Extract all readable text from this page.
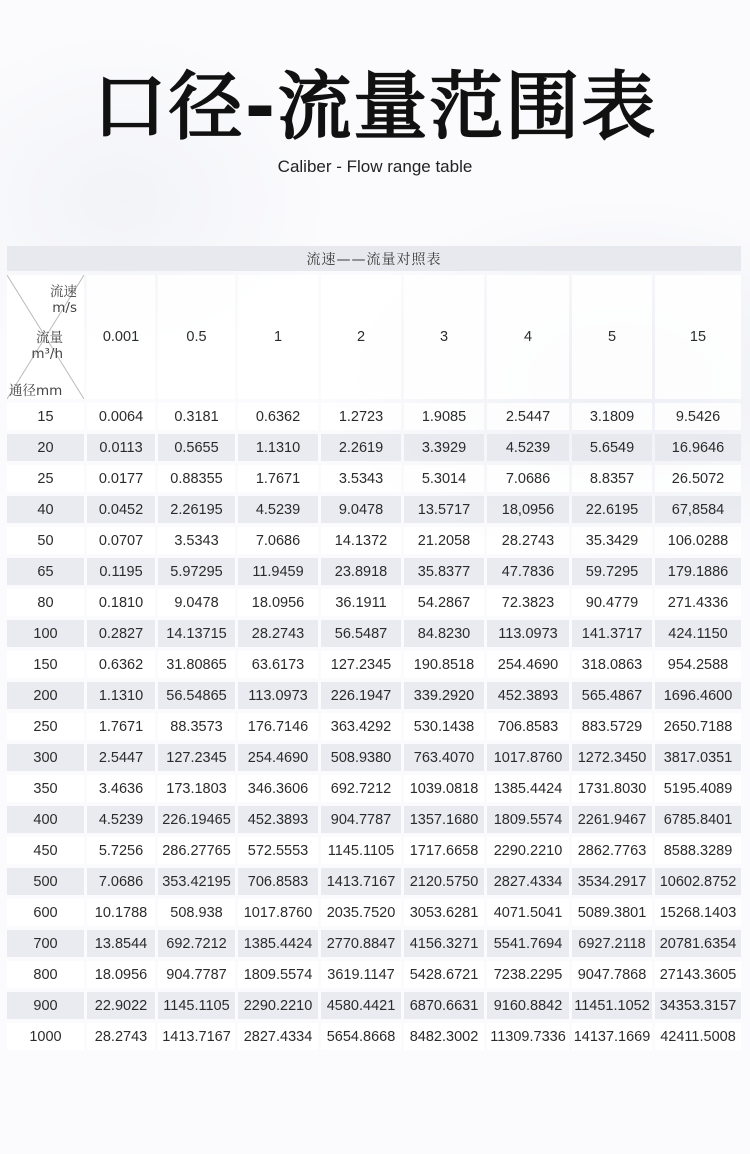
口径-流量范围表
Caliber - Flow range table
流速——流量对照表								

流速
m/s
流量
m³/h
通径mm	0.001	0.5	1	2	3	4	5	15
15	0.0064	0.3181	0.6362	1.2723	1.9085	2.5447	3.1809	9.5426
20	0.0113	0.5655	1.1310	2.2619	3.3929	4.5239	5.6549	16.9646
25	0.0177	0.88355	1.7671	3.5343	5.3014	7.0686	8.8357	26.5072
40	0.0452	2.26195	4.5239	9.0478	13.5717	18,0956	22.6195	67,8584
50	0.0707	3.5343	7.0686	14.1372	21.2058	28.2743	35.3429	106.0288
65	0.1195	5.97295	11.9459	23.8918	35.8377	47.7836	59.7295	179.1886
80	0.1810	9.0478	18.0956	36.1911	54.2867	72.3823	90.4779	271.4336
100	0.2827	14.13715	28.2743	56.5487	84.8230	113.0973	141.3717	424.1150
150	0.6362	31.80865	63.6173	127.2345	190.8518	254.4690	318.0863	954.2588
200	1.1310	56.54865	113.0973	226.1947	339.2920	452.3893	565.4867	1696.4600
250	1.7671	88.3573	176.7146	363.4292	530.1438	706.8583	883.5729	2650.7188
300	2.5447	127.2345	254.4690	508.9380	763.4070	1017.8760	1272.3450	3817.0351
350	3.4636	173.1803	346.3606	692.7212	1039.0818	1385.4424	1731.8030	5195.4089
400	4.5239	226.19465	452.3893	904.7787	1357.1680	1809.5574	2261.9467	6785.8401
450	5.7256	286.27765	572.5553	1145.1105	1717.6658	2290.2210	2862.7763	8588.3289
500	7.0686	353.42195	706.8583	1413.7167	2120.5750	2827.4334	3534.2917	10602.8752
600	10.1788	508.938	1017.8760	2035.7520	3053.6281	4071.5041	5089.3801	15268.1403
700	13.8544	692.7212	1385.4424	2770.8847	4156.3271	5541.7694	6927.2118	20781.6354
800	18.0956	904.7787	1809.5574	3619.1147	5428.6721	7238.2295	9047.7868	27143.3605
900	22.9022	1145.1105	2290.2210	4580.4421	6870.6631	9160.8842	11451.1052	34353.3157
1000	28.2743	1413.7167	2827.4334	5654.8668	8482.3002	11309.7336	14137.1669	42411.5008
